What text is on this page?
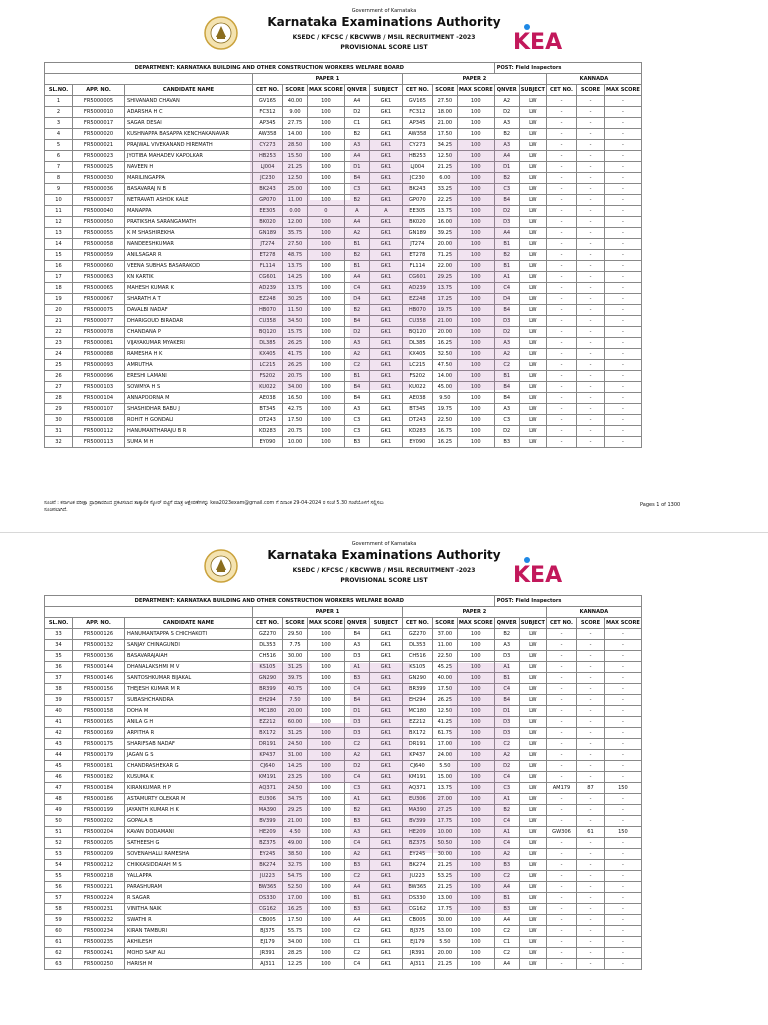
Government of Karnataka
Karnataka Examinations Authority
KSEDC / KFCSC / KBCWWB / MSIL RECRUITMENT -2023
PROVISIONAL SCORE LIST	KEA
DEPARTMENT: KARNATAKA BUILDING AND OTHER CONSTRUCTION WORKERS WELFARE BOARD											POST: Field Inspectors				
			PAPER 1					PAPER 2					KANNADA		
SL.NO.	APP. NO.	CANDIDATE NAME	CET NO.	SCORE	MAX SCORE	QNVER	SUBJECT	CET NO.	SCORE	MAX SCORE	QNVER	SUBJECT	CET NO.	SCORE	MAX SCORE
1	FR5000005	SHIVANAND CHAVAN	GV165	40.00	100	A4	GK1	GV165	27.50	100	A2	LW	-	-	-
2	FR5000010	ADARSHA H C	FC312	9.00	100	D2	GK1	FC312	18.00	100	D2	LW	-	-	-
3	FR5000017	SAGAR DESAI	AP345	27.75	100	C1	GK1	AP345	21.00	100	A3	LW	-	-	-
4	FR5000020	KUSHNAPPA BASAPPA KENCHAKANAVAR	AW358	14.00	100	B2	GK1	AW358	17.50	100	B2	LW	-	-	-
5	FR5000021	PRAJWAL VIVEKANAND HIREMATH	CY273	28.50	100	A3	GK1	CY273	34.25	100	A3	LW	-	-	-
6	FR5000023	JYOTIBA MAHADEV KAPOLKAR	HB253	15.50	100	A4	GK1	HB253	12.50	100	A4	LW	-	-	-
7	FR5000025	NAVEEN H	LJ004	21.25	100	D1	GK1	LJ004	21.25	100	D1	LW	-	-	-
8	FR5000030	MARILINGAPPA	JC230	12.50	100	B4	GK1	JC230	6.00	100	B2	LW	-	-	-
9	FR5000036	BASAVARAJ N B	BK243	25.00	100	C3	GK1	BK243	33.25	100	C3	LW	-	-	-
10	FR5000037	NETRAVATI ASHOK KALE	GP070	11.00	100	B2	GK1	GP070	22.25	100	B4	LW	-	-	-
11	FR5000040	MANAPPA	EE305	0.00	0	A	A	EE305	13.75	100	D2	LW	-	-	-
12	FR5000050	PRATIKSHA SARANGAMATH	BK020	12.00	100	A4	GK1	BK020	16.00	100	D3	LW	-	-	-
13	FR5000055	K M SHASHIREKHA	GN189	35.75	100	A2	GK1	GN189	39.25	100	A4	LW	-	-	-
14	FR5000058	NANDEESHKUMAR	JT274	27.50	100	B1	GK1	JT274	20.00	100	B1	LW	-	-	-
15	FR5000059	ANILSAGAR R	ET278	48.75	100	B2	GK1	ET278	71.25	100	B2	LW	-	-	-
16	FR5000060	VEENA SUBHAS BASARAKOD	FL114	13.75	100	B1	GK1	FL114	22.00	100	B1	LW	-	-	-
17	FR5000063	KN KARTIK	CG601	14.25	100	A4	GK1	CG601	29.25	100	A1	LW	-	-	-
18	FR5000065	MAHESH KUMAR K	AD239	13.75	100	C4	GK1	AD239	13.75	100	C4	LW	-	-	-
19	FR5000067	SHARATH A T	EZ248	30.25	100	D4	GK1	EZ248	17.25	100	D4	LW	-	-	-
20	FR5000075	DAVALBI NADAF	HB070	11.50	100	B2	GK1	HB070	19.75	100	B4	LW	-	-	-
21	FR5000077	DHARIGOUD BIRADAR	CU358	34.50	100	B4	GK1	CU358	21.00	100	D3	LW	-	-	-
22	FR5000078	CHANDANA P	BQ120	15.75	100	D2	GK1	BQ120	20.00	100	D2	LW	-	-	-
23	FR5000081	VIJAYAKUMAR MYAKERI	DL385	26.25	100	A3	GK1	DL385	16.25	100	A3	LW	-	-	-
24	FR5000088	RAMESHA H K	KX405	41.75	100	A2	GK1	KX405	32.50	100	A2	LW	-	-	-
25	FR5000093	AMRUTHA	LC215	26.25	100	C2	GK1	LC215	47.50	100	C2	LW	-	-	-
26	FR5000096	ERESHI LAMANI	FS202	20.75	100	B1	GK1	FS202	14.00	100	B1	LW	-	-	-
27	FR5000103	SOWMYA H S	KU022	34.00	100	B4	GK1	KU022	45.00	100	B4	LW	-	-	-
28	FR5000104	ANNAPOORNA M	AE038	16.50	100	B4	GK1	AE038	9.50	100	B4	LW	-	-	-
29	FR5000107	SHASHIDHAR BABU J	BT345	42.75	100	A3	GK1	BT345	19.75	100	A3	LW	-	-	-
30	FR5000108	ROHIT H GONDALI	DT243	17.50	100	C3	GK1	DT243	22.50	100	C3	LW	-	-	-
31	FR5000112	HANUMANTHARAJU B R	KD283	20.75	100	C3	GK1	KD283	16.75	100	D2	LW	-	-	-
32	FR5000113	SUMA M H	EY090	10.00	100	B3	GK1	EY090	16.25	100	B3	LW	-	-	-
ಸೂಚನೆ : ಕರ್ನಾಟಕ ಪರೀಕ್ಷಾ ಪ್ರಾಧಿಕಾರದಿಂದ ಪ್ರಕಟಿಸಲಾದ ತಾತ್ಕಾಲಿಕ ಸ್ಕೋರ್ ಪಟ್ಟಿಗೆ ಮಾತ್ರ ಆಕ್ಷೇಪಣೆಗಳನ್ನು kea2023exam@gmail.com ಗೆ ದಿನಾಂಕ 29-04-2024 ರ ಸಂಜೆ 5.30 ಗಂಟೆಯೊಳಗೆ ಸಲ್ಲಿಸಲು
ಸೂಚಿಸಲಾಗಿದೆ.
Pages 1 of 1300
Government of Karnataka
Karnataka Examinations Authority
KSEDC / KFCSC / KBCWWB / MSIL RECRUITMENT -2023
PROVISIONAL SCORE LIST	KEA
DEPARTMENT: KARNATAKA BUILDING AND OTHER CONSTRUCTION WORKERS WELFARE BOARD											POST: Field Inspectors				
			PAPER 1					PAPER 2					KANNADA		
SL.NO.	APP. NO.	CANDIDATE NAME	CET NO.	SCORE	MAX SCORE	QNVER	SUBJECT	CET NO.	SCORE	MAX SCORE	QNVER	SUBJECT	CET NO.	SCORE	MAX SCORE
33	FR5000126	HANUMANTAPPA S CHICHAKOTI	GZ270	29.50	100	B4	GK1	GZ270	37.00	100	B2	LW	-	-	-
34	FR5000132	SANJAY CHINAGUNDI	DL353	7.75	100	A3	GK1	DL353	11.00	100	A3	LW	-	-	-
35	FR5000136	BASAVARAJAIAH	CH516	30.00	100	D3	GK1	CH516	22.50	100	D3	LW	-	-	-
36	FR5000144	DHANALAKSHMI M V	KS105	31.25	100	A1	GK1	KS105	45.25	100	A1	LW	-	-	-
37	FR5000146	SANTOSHKUMAR BIJAKAL	GN290	39.75	100	B3	GK1	GN290	40.00	100	B1	LW	-	-	-
38	FR5000156	THEJESH KUMAR M R	BR399	40.75	100	C4	GK1	BR399	17.50	100	C4	LW	-	-	-
39	FR5000157	SUBASHCHANDRA	EH294	7.50	100	B4	GK1	EH294	26.25	100	B4	LW	-	-	-
40	FR5000158	DOHA M	MC180	20.00	100	D1	GK1	MC180	12.50	100	D1	LW	-	-	-
41	FR5000165	ANILA G H	EZ212	60.00	100	D3	GK1	EZ212	41.25	100	D3	LW	-	-	-
42	FR5000169	ARPITHA R	BX172	31.25	100	D3	GK1	BX172	61.75	100	D3	LW	-	-	-
43	FR5000175	SHARIFSAB NADAF	DR191	24.50	100	C2	GK1	DR191	17.00	100	C2	LW	-	-	-
44	FR5000179	JAGAN G S	KP437	31.00	100	A2	GK1	KP437	24.00	100	A2	LW	-	-	-
45	FR5000181	CHANDRASHEKAR G	CJ640	14.25	100	D2	GK1	CJ640	5.50	100	D2	LW	-	-	-
46	FR5000182	KUSUMA K	KM191	23.25	100	C4	GK1	KM191	15.00	100	C4	LW	-	-	-
47	FR5000184	KIRANKUMAR H P	AQ371	24.50	100	C3	GK1	AQ371	13.75	100	C3	LW	AM179	87	150
48	FR5000186	ASTAMURTY OLEKAR M	EU306	34.75	100	A1	GK1	EU306	27.00	100	A1	LW	-	-	-
49	FR5000199	JAYANTH KUMAR H K	MA390	29.25	100	B2	GK1	MA390	27.25	100	B2	LW	-	-	-
50	FR5000202	GOPALA B	BV399	21.00	100	B3	GK1	BV399	17.75	100	C4	LW	-	-	-
51	FR5000204	KAVAN DODAMANI	HE209	4.50	100	A3	GK1	HE209	10.00	100	A1	LW	GW306	61	150
52	FR5000205	SATHEESH G	BZ375	49.00	100	C4	GK1	BZ375	50.50	100	C4	LW	-	-	-
53	FR5000209	SOVENAHALLI RAMESHA	EY245	38.50	100	A2	GK1	EY245	30.00	100	A2	LW	-	-	-
54	FR5000212	CHIKKASIDDAIAH M S	BK274	32.75	100	B3	GK1	BK274	21.25	100	B3	LW	-	-	-
55	FR5000218	YALLAPPA	JU223	54.75	100	C2	GK1	JU223	53.25	100	C2	LW	-	-	-
56	FR5000221	PARASHURAM	BW365	52.50	100	A4	GK1	BW365	21.25	100	A4	LW	-	-	-
57	FR5000224	R SAGAR	DS330	17.00	100	B1	GK1	DS330	13.00	100	B1	LW	-	-	-
58	FR5000231	VINITHA NAIK	CG162	16.25	100	B3	GK1	CG162	17.75	100	B3	LW	-	-	-
59	FR5000232	SWATHI R	CB005	17.50	100	A4	GK1	CB005	30.00	100	A4	LW	-	-	-
60	FR5000234	KIRAN TAMBURI	BJ375	55.75	100	C2	GK1	BJ375	53.00	100	C2	LW	-	-	-
61	FR5000235	AKHILESH	EJ179	34.00	100	C1	GK1	EJ179	5.50	100	C1	LW	-	-	-
62	FR5000241	MOHD SAIF ALI	JR391	28.25	100	C2	GK1	JR391	20.00	100	C2	LW	-	-	-
63	FR5000250	HARISH M	AJ311	12.25	100	C4	GK1	AJ311	21.25	100	A4	LW	-	-	-
